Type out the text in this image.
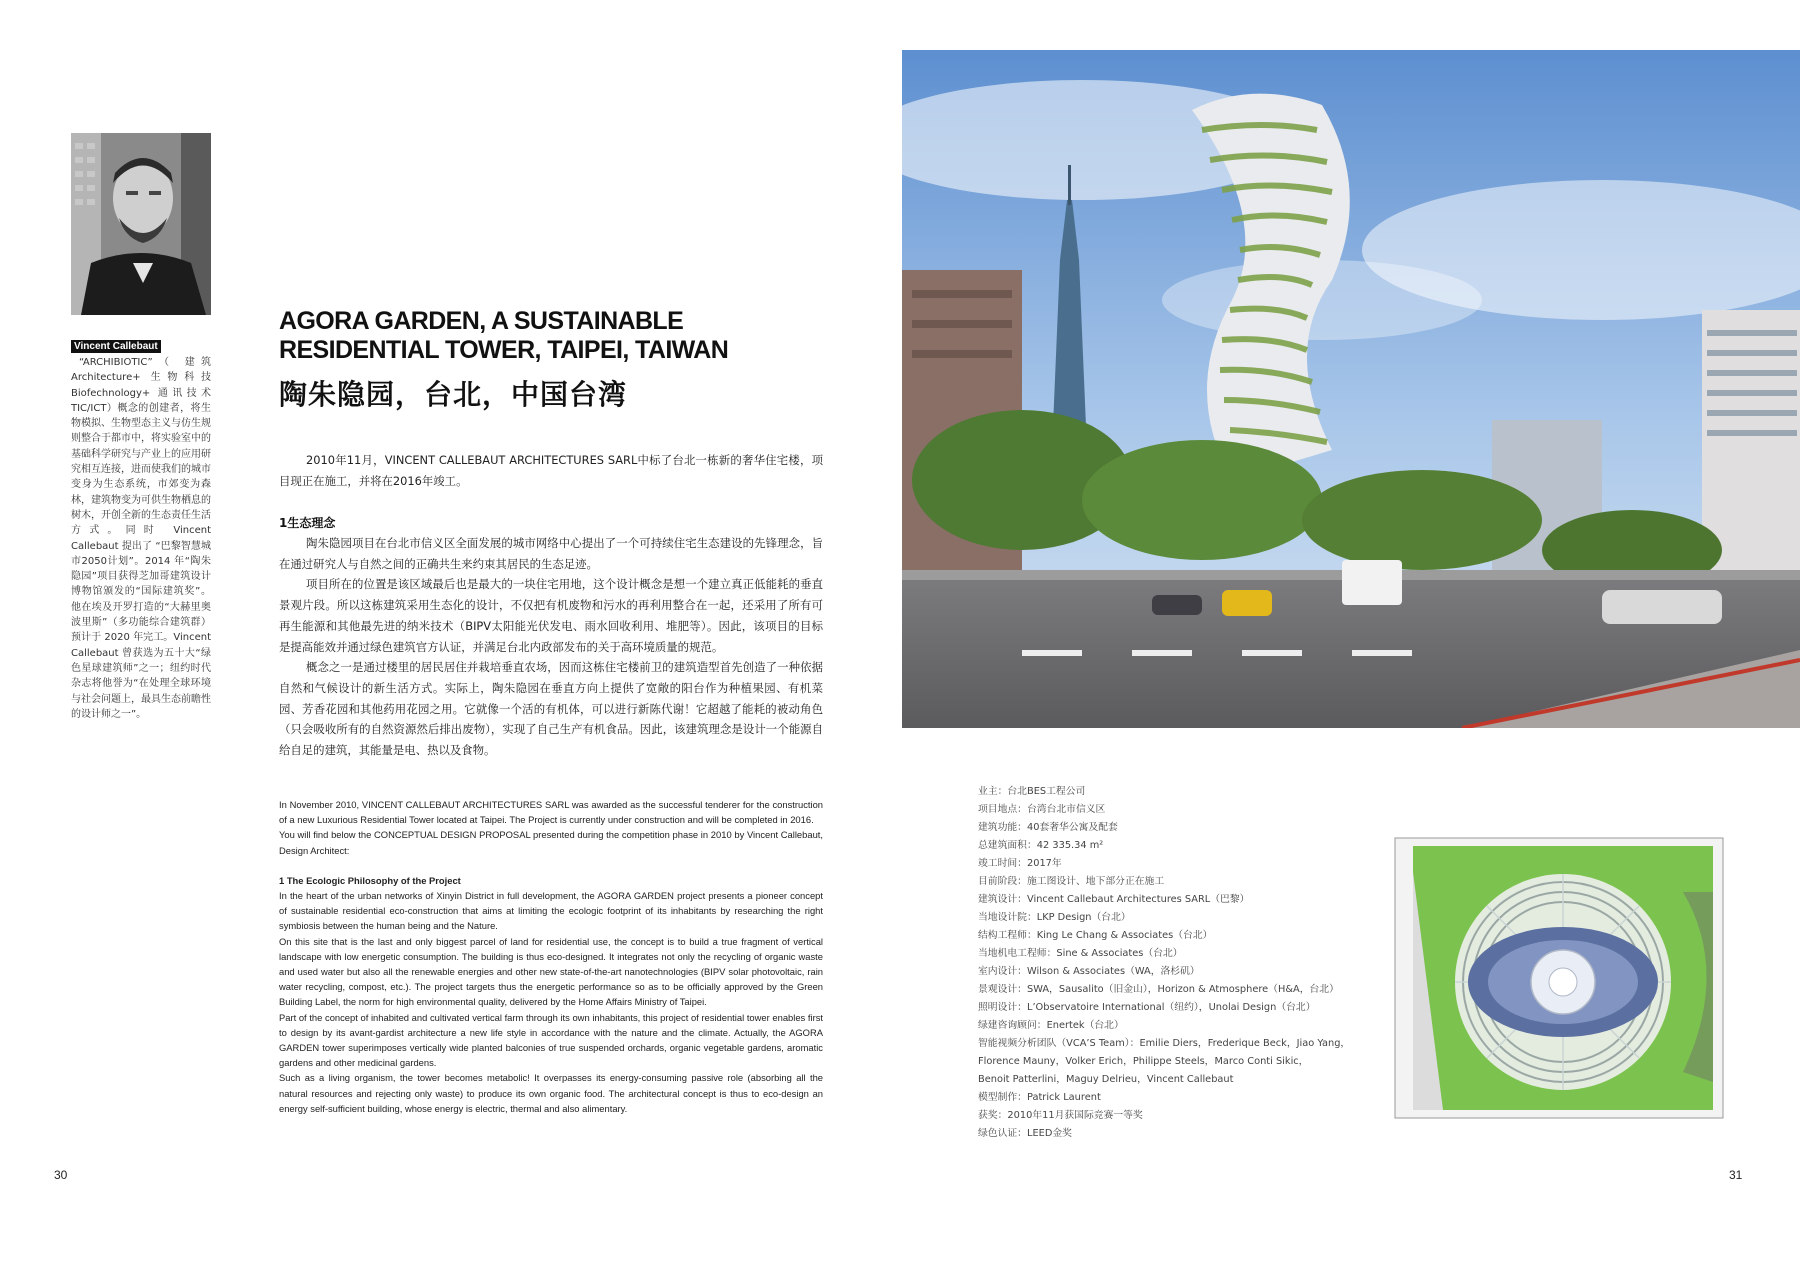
Vincent Callebaut
“ARCHIBIOTIC”（ 建筑 Architecture+ 生物科技 Biofechnology+ 通讯技术 TIC/ICT）概念的创建者，将生物模拟、生物型态主义与仿生规则整合于都市中，将实验室中的基础科学研究与产业上的应用研究相互连接，进而使我们的城市变身为生态系统，市郊变为森林，建筑物变为可供生物栖息的树木，开创全新的生态责任生活方式。同时 Vincent Callebaut 提出了 “巴黎智慧城市2050计划”。2014 年“陶朱隐园”项目获得芝加哥建筑设计博物馆颁发的“国际建筑奖”。他在埃及开罗打造的“大赫里奥波里斯”（多功能综合建筑群）预计于 2020 年完工。Vincent Callebaut 曾获选为五十大“绿色星球建筑师”之一；纽约时代杂志将他誉为“在处理全球环境与社会问题上，最具生态前瞻性的设计师之一”。
AGORA GARDEN, A SUSTAINABLE
RESIDENTIAL TOWER, TAIPEI, TAIWAN
陶朱隐园，台北，中国台湾

2010年11月，VINCENT CALLEBAUT ARCHITECTURES SARL中标了台北一栋新的奢华住宅楼，项目现正在施工，并将在2016年竣工。

1生态理念

陶朱隐园项目在台北市信义区全面发展的城市网络中心提出了一个可持续住宅生态建设的先锋理念，旨在通过研究人与自然之间的正确共生来约束其居民的生态足迹。

项目所在的位置是该区域最后也是最大的一块住宅用地，这个设计概念是想一个建立真正低能耗的垂直景观片段。所以这栋建筑采用生态化的设计，不仅把有机废物和污水的再利用整合在一起，还采用了所有可再生能源和其他最先进的纳米技术（BIPV太阳能光伏发电、雨水回收利用、堆肥等）。因此，该项目的目标是提高能效并通过绿色建筑官方认证，并满足台北内政部发布的关于高环境质量的规范。

概念之一是通过楼里的居民居住并栽培垂直农场，因而这栋住宅楼前卫的建筑造型首先创造了一种依据自然和气候设计的新生活方式。实际上，陶朱隐园在垂直方向上提供了宽敞的阳台作为种植果园、有机菜园、芳香花园和其他药用花园之用。它就像一个活的有机体，可以进行新陈代谢！它超越了能耗的被动角色（只会吸收所有的自然资源然后排出废物），实现了自己生产有机食品。因此，该建筑理念是设计一个能源自给自足的建筑，其能量是电、热以及食物。

In November 2010, VINCENT CALLEBAUT ARCHITECTURES SARL was awarded as the successful tenderer for the construction of a new Luxurious Residential Tower located at Taipei. The Project is currently under construction and will be completed in 2016.

You will find below the CONCEPTUAL DESIGN PROPOSAL presented during the competition phase in 2010 by Vincent Callebaut, Design Architect:

1 The Ecologic Philosophy of the Project

In the heart of the urban networks of Xinyin District in full development, the AGORA GARDEN project presents a pioneer concept of sustainable residential eco-construction that aims at limiting the ecologic footprint of its inhabitants by researching the right symbiosis between the human being and the Nature.

On this site that is the last and only biggest parcel of land for residential use, the concept is to build a true fragment of vertical landscape with low energetic consumption. The building is thus eco-designed. It integrates not only the recycling of organic waste and used water but also all the renewable energies and other new state-of-the-art nanotechnologies (BIPV solar photovoltaic, rain water recycling, compost, etc.). The project targets thus the energetic performance so as to be officially approved by the Green Building Label, the norm for high environmental quality, delivered by the Home Affairs Ministry of Taipei.

Part of the concept of inhabited and cultivated vertical farm through its own inhabitants, this project of residential tower enables first to design by its avant-gardist architecture a new life style in accordance with the nature and the climate. Actually, the AGORA GARDEN tower superimposes vertically wide planted balconies of true suspended orchards, organic vegetable gardens, aromatic gardens and other medicinal gardens.

Such as a living organism, the tower becomes metabolic! It overpasses its energy-consuming passive role (absorbing all the natural resources and rejecting only waste) to produce its own organic food. The architectural concept is thus to eco-design an energy self-sufficient building, whose energy is electric, thermal and also alimentary.

30
业主：台北BES工程公司
项目地点：台湾台北市信义区
建筑功能：40套奢华公寓及配套
总建筑面积：42 335.34 m²
竣工时间：2017年
目前阶段：施工图设计、地下部分正在施工
建筑设计：Vincent Callebaut Architectures SARL（巴黎）
当地设计院：LKP Design（台北）
结构工程师：King Le Chang & Associates（台北）
当地机电工程师：Sine & Associates（台北）
室内设计：Wilson & Associates（WA，洛杉矶）
景观设计：SWA，Sausalito（旧金山），Horizon & Atmosphere（H&A，台北）
照明设计：L’Observatoire International（纽约），Unolai Design（台北）
绿建咨询顾问：Enertek（台北）
智能视频分析团队（VCA’S Team）：Emilie Diers，Frederique Beck，Jiao Yang，
Florence Mauny，Volker Erich，Philippe Steels，Marco Conti Sikic，
Benoit Patterlini，Maguy Delrieu，Vincent Callebaut
模型制作：Patrick Laurent
获奖：2010年11月获国际竞赛一等奖
绿色认证：LEED金奖
31
